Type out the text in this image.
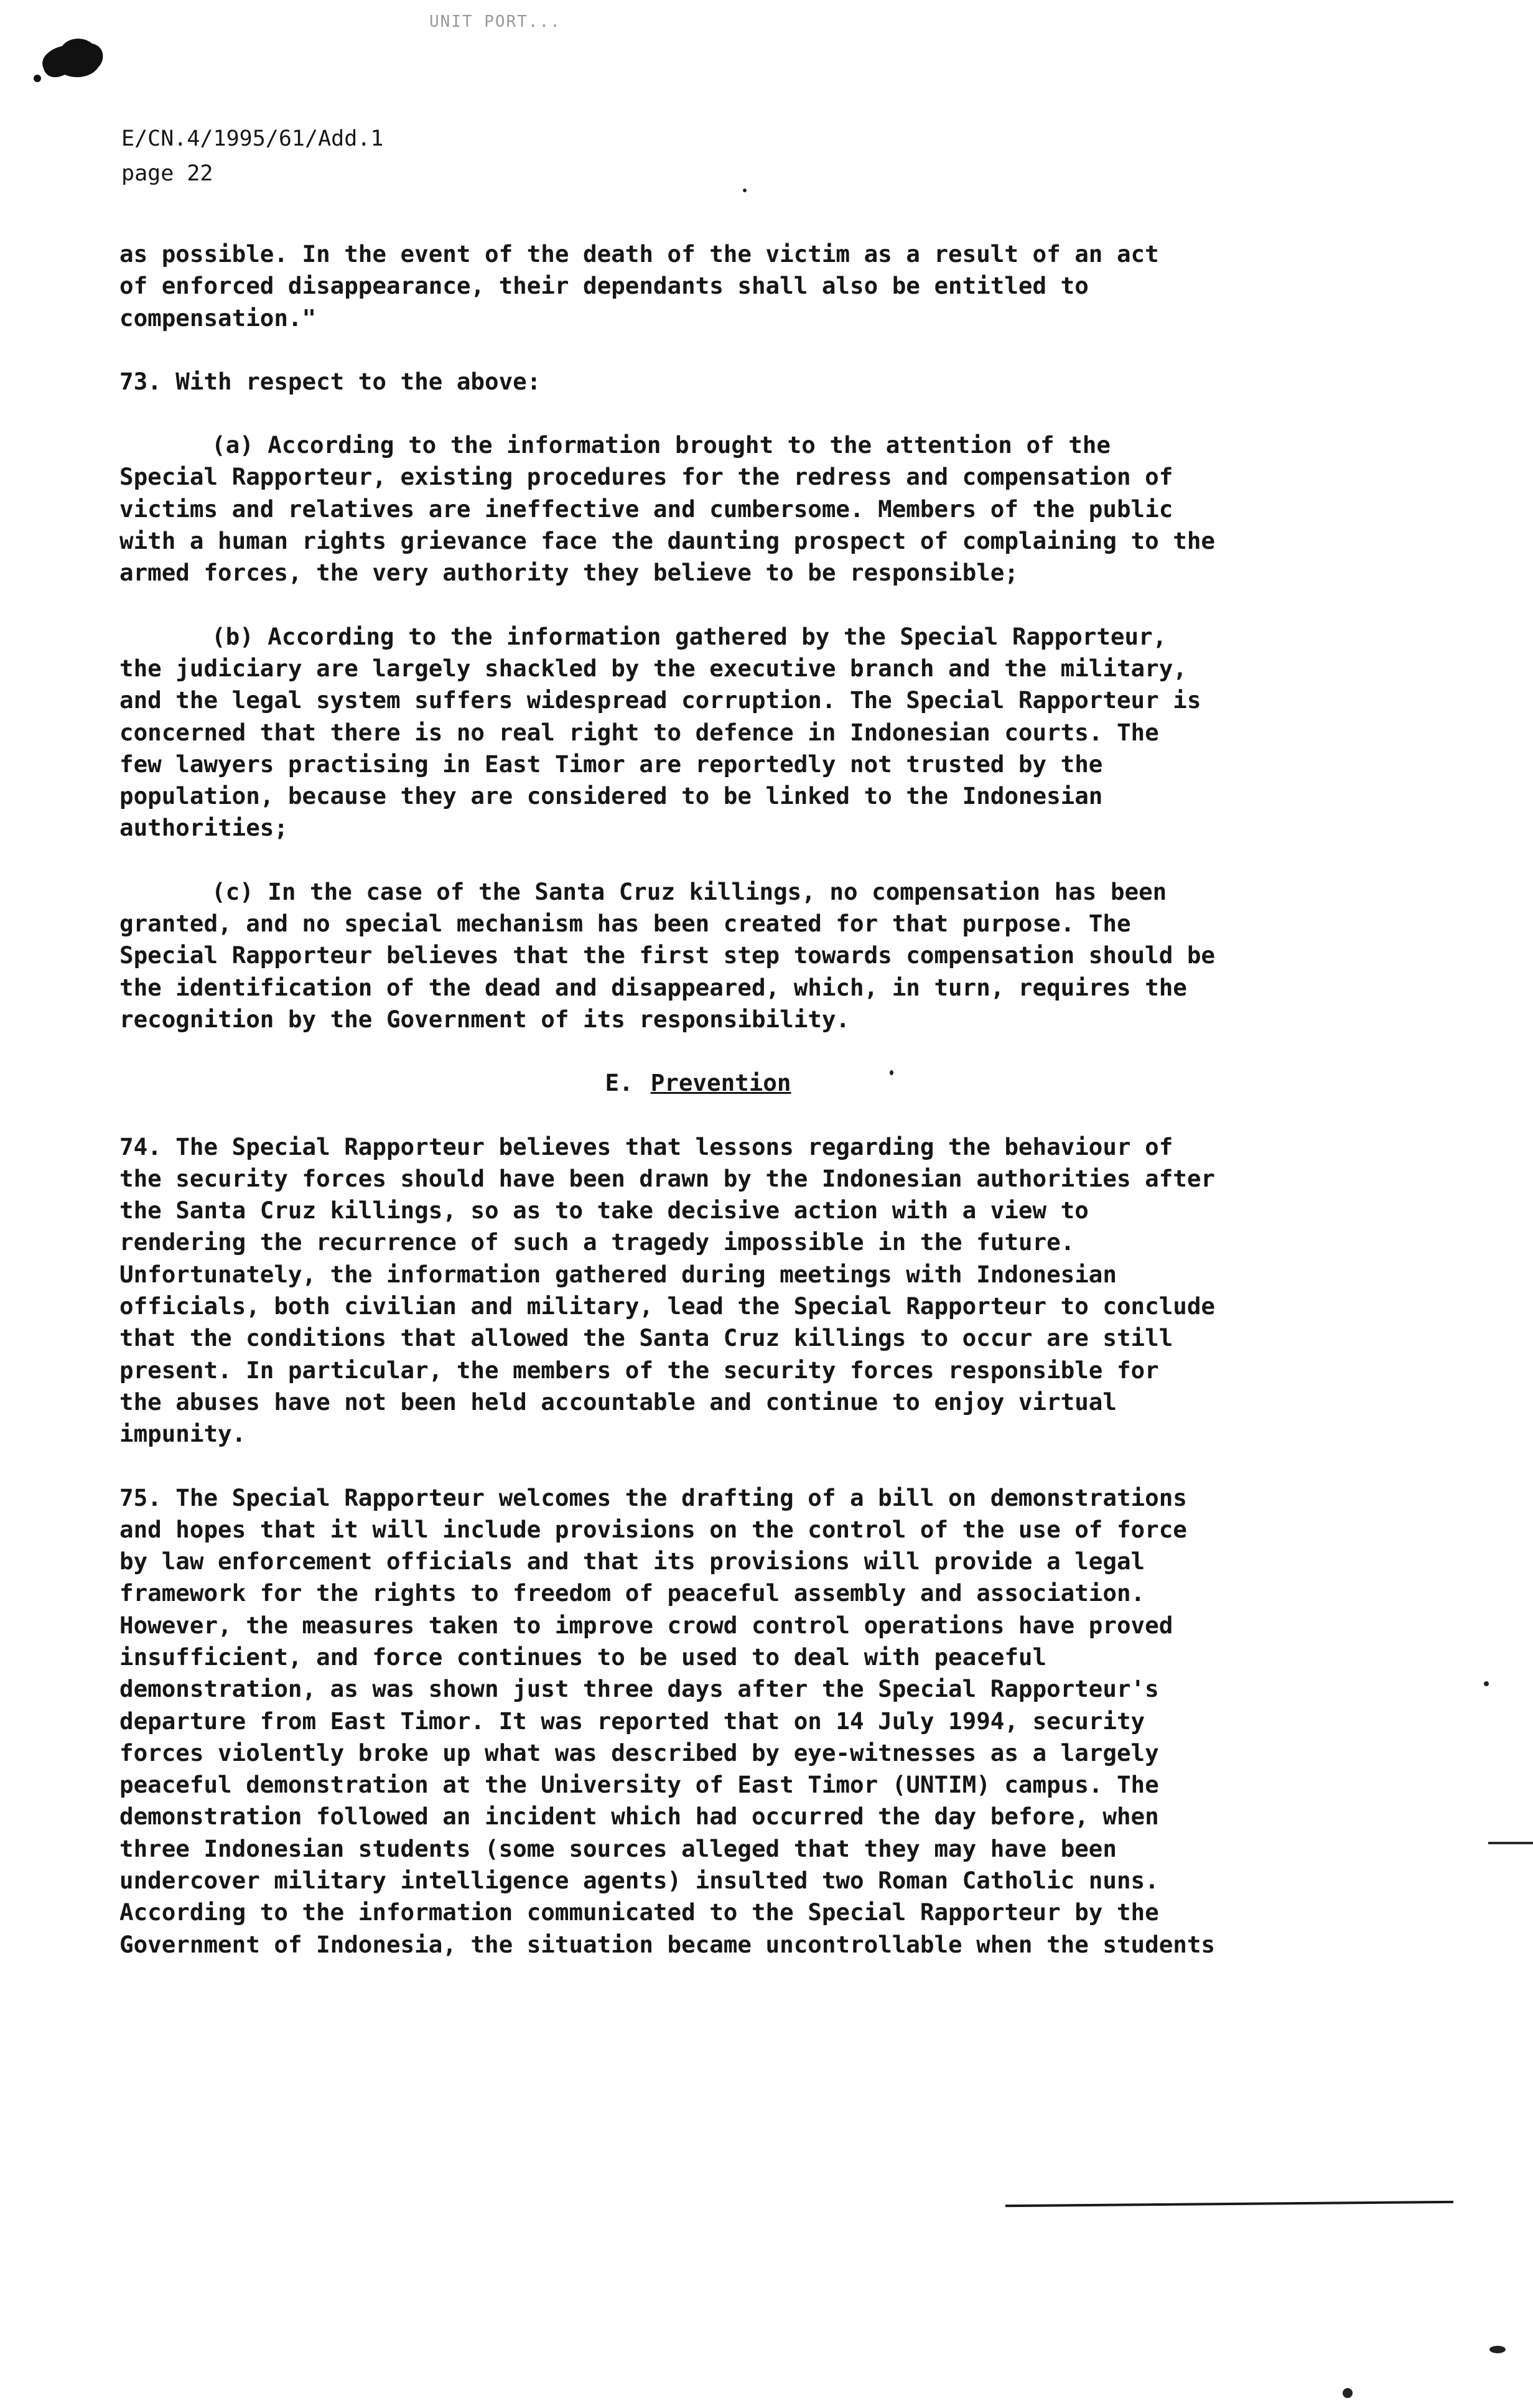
UNIT PORT...
E/CN.4/1995/61/Add.1
page 22

as possible. In the event of the death of the victim as a result of an act
of enforced disappearance, their dependants shall also be entitled to
compensation."

73. With respect to the above:

(a) According to the information brought to the attention of the
Special Rapporteur, existing procedures for the redress and compensation of
victims and relatives are ineffective and cumbersome. Members of the public
with a human rights grievance face the daunting prospect of complaining to the
armed forces, the very authority they believe to be responsible;

(b) According to the information gathered by the Special Rapporteur,
the judiciary are largely shackled by the executive branch and the military,
and the legal system suffers widespread corruption. The Special Rapporteur is
concerned that there is no real right to defence in Indonesian courts. The
few lawyers practising in East Timor are reportedly not trusted by the
population, because they are considered to be linked to the Indonesian
authorities;

(c) In the case of the Santa Cruz killings, no compensation has been
granted, and no special mechanism has been created for that purpose. The
Special Rapporteur believes that the first step towards compensation should be
the identification of the dead and disappeared, which, in turn, requires the
recognition by the Government of its responsibility.

E. Prevention

74. The Special Rapporteur believes that lessons regarding the behaviour of
the security forces should have been drawn by the Indonesian authorities after
the Santa Cruz killings, so as to take decisive action with a view to
rendering the recurrence of such a tragedy impossible in the future.
Unfortunately, the information gathered during meetings with Indonesian
officials, both civilian and military, lead the Special Rapporteur to conclude
that the conditions that allowed the Santa Cruz killings to occur are still
present. In particular, the members of the security forces responsible for
the abuses have not been held accountable and continue to enjoy virtual
impunity.

75. The Special Rapporteur welcomes the drafting of a bill on demonstrations
and hopes that it will include provisions on the control of the use of force
by law enforcement officials and that its provisions will provide a legal
framework for the rights to freedom of peaceful assembly and association.
However, the measures taken to improve crowd control operations have proved
insufficient, and force continues to be used to deal with peaceful
demonstration, as was shown just three days after the Special Rapporteur's
departure from East Timor. It was reported that on 14 July 1994, security
forces violently broke up what was described by eye-witnesses as a largely
peaceful demonstration at the University of East Timor (UNTIM) campus. The
demonstration followed an incident which had occurred the day before, when
three Indonesian students (some sources alleged that they may have been
undercover military intelligence agents) insulted two Roman Catholic nuns.
According to the information communicated to the Special Rapporteur by the
Government of Indonesia, the situation became uncontrollable when the students
